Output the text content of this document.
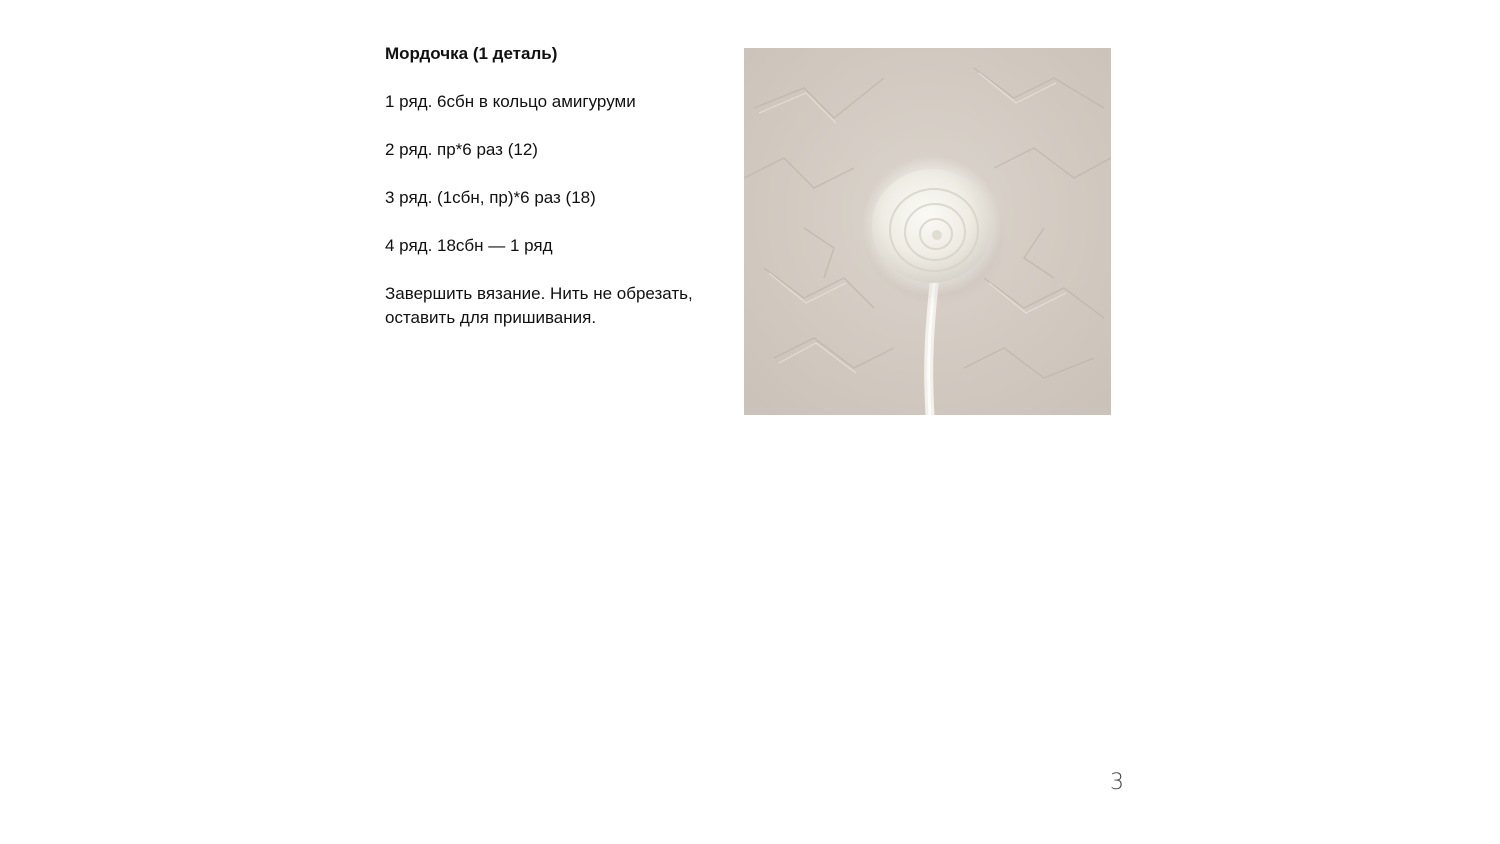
Мордочка (1 деталь)
1 ряд. 6сбн в кольцо амигуруми
2 ряд. пр*6 раз (12)
3 ряд. (1сбн, пр)*6 раз (18)
4 ряд. 18сбн — 1 ряд
Завершить вязание. Нить не обрезать, оставить для пришивания.
3
